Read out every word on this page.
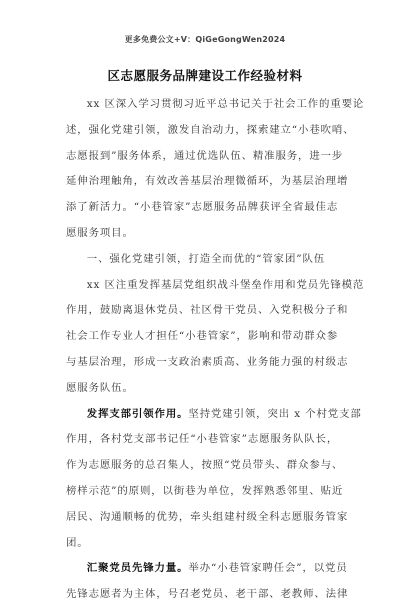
更多免费公文+V：QiGeGongWen2024
区志愿服务品牌建设工作经验材料

xx 区深入学习贯彻习近平总书记关于社会工作的重要论
述，强化党建引领，激发自治动力，探索建立“小巷吹哨、
志愿报到”服务体系，通过优选队伍、精准服务，进一步
延伸治理触角，有效改善基层治理微循环，为基层治理增
添了新活力。“小巷管家”志愿服务品牌获评全省最佳志
愿服务项目。

一、强化党建引领，打造全而优的“管家团”队伍

xx 区注重发挥基层党组织战斗堡垒作用和党员先锋模范
作用，鼓励离退休党员、社区骨干党员、入党积极分子和
社会工作专业人才担任“小巷管家”，影响和带动群众参
与基层治理，形成一支政治素质高、业务能力强的村级志
愿服务队伍。

发挥支部引领作用。坚持党建引领，突出 x 个村党支部
作用，各村党支部书记任“小巷管家”志愿服务队队长，
作为志愿服务的总召集人，按照“党员带头、群众参与、
榜样示范”的原则，以街巷为单位，发挥熟悉邻里、贴近
居民、沟通顺畅的优势，牵头组建村级全科志愿服务管家
团。

汇聚党员先锋力量。举办“小巷管家聘任会”，以党员
先锋志愿者为主体，号召老党员、老干部、老教师、法律
